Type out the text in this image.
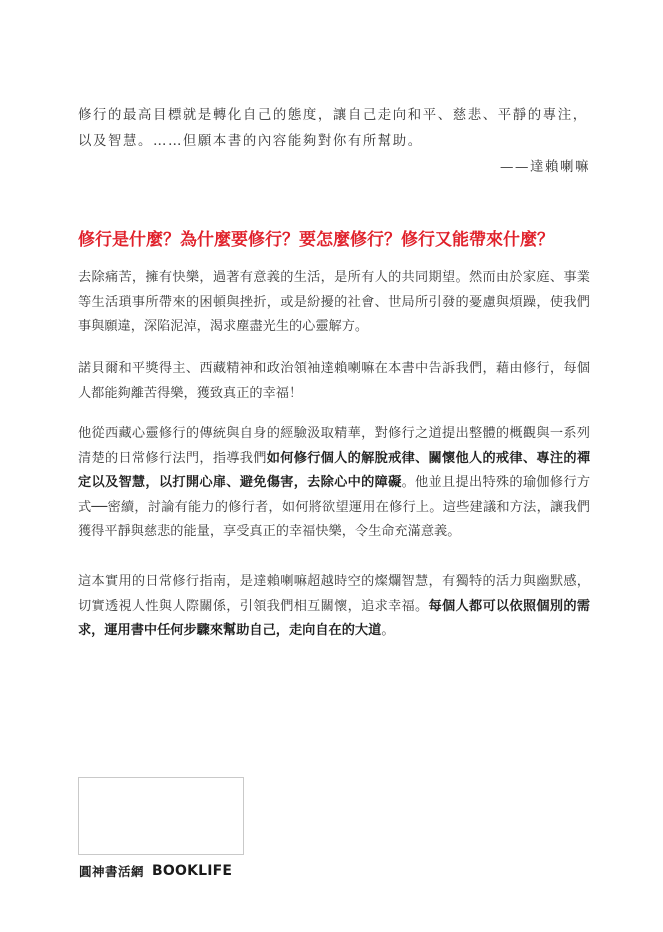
修行的最高目標就是轉化自己的態度，讓自己走向和平、慈悲、平靜的專注，以及智慧。……但願本書的內容能夠對你有所幫助。

——達賴喇嘛
修行是什麼？為什麼要修行？要怎麼修行？修行又能帶來什麼？

去除痛苦，擁有快樂，過著有意義的生活，是所有人的共同期望。然而由於家庭、事業等生活瑣事所帶來的困頓與挫折，或是紛擾的社會、世局所引發的憂慮與煩躁，使我們事與願違，深陷泥淖，渴求塵盡光生的心靈解方。

諾貝爾和平獎得主、西藏精神和政治領袖達賴喇嘛在本書中告訴我們，藉由修行，每個人都能夠離苦得樂，獲致真正的幸福！

他從西藏心靈修行的傳統與自身的經驗汲取精華，對修行之道提出整體的概觀與一系列清楚的日常修行法門，指導我們如何修行個人的解脫戒律、關懷他人的戒律、專注的禪定以及智慧，以打開心扉、避免傷害，去除心中的障礙。他並且提出特殊的瑜伽修行方式──密續，討論有能力的修行者，如何將欲望運用在修行上。這些建議和方法，讓我們獲得平靜與慈悲的能量，享受真正的幸福快樂，令生命充滿意義。

這本實用的日常修行指南，是達賴喇嘛超越時空的燦爛智慧，有獨特的活力與幽默感，切實透視人性與人際關係，引領我們相互關懷，追求幸福。每個人都可以依照個別的需求，運用書中任何步驟來幫助自己，走向自在的大道。

圓神書活網 BOOKLIFE
